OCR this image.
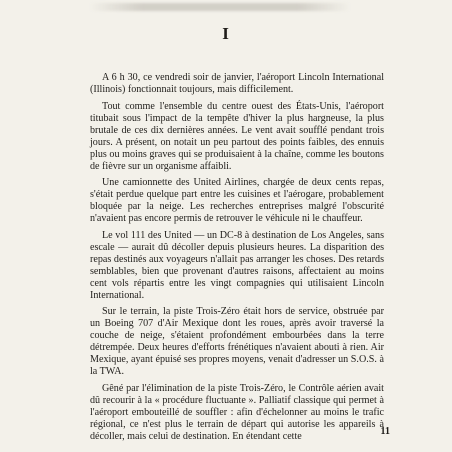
I

A 6 h 30, ce vendredi soir de janvier, l'aéroport Lincoln International (Illinois) fonctionnait toujours, mais difficilement.

Tout comme l'ensemble du centre ouest des États-Unis, l'aéroport titubait sous l'impact de la tempête d'hiver la plus hargneuse, la plus brutale de ces dix dernières années. Le vent avait soufflé pendant trois jours. A présent, on notait un peu partout des points faibles, des ennuis plus ou moins graves qui se produisaient à la chaîne, comme les boutons de fièvre sur un organisme affaibli.

Une camionnette des United Airlines, chargée de deux cents repas, s'était perdue quelque part entre les cuisines et l'aérogare, probablement bloquée par la neige. Les recherches entreprises malgré l'obscurité n'avaient pas encore permis de retrouver le véhicule ni le chauffeur.

Le vol 111 des United — un DC-8 à destination de Los Angeles, sans escale — aurait dû décoller depuis plusieurs heures. La disparition des repas destinés aux voyageurs n'allait pas arranger les choses. Des retards semblables, bien que provenant d'autres raisons, affectaient au moins cent vols répartis entre les vingt compagnies qui utilisaient Lincoln International.

Sur le terrain, la piste Trois-Zéro était hors de service, obstruée par un Boeing 707 d'Air Mexique dont les roues, après avoir traversé la couche de neige, s'étaient profondément embourbées dans la terre détrempée. Deux heures d'efforts frénétiques n'avaient abouti à rien. Air Mexique, ayant épuisé ses propres moyens, venait d'adresser un S.O.S. à la TWA.

Gêné par l'élimination de la piste Trois-Zéro, le Contrôle aérien avait dû recourir à la « procédure fluctuante ». Palliatif classique qui permet à l'aéroport embouteillé de souffler : afin d'échelonner au moins le trafic régional, ce n'est plus le terrain de départ qui autorise les appareils à décoller, mais celui de destination. En étendant cette	11
